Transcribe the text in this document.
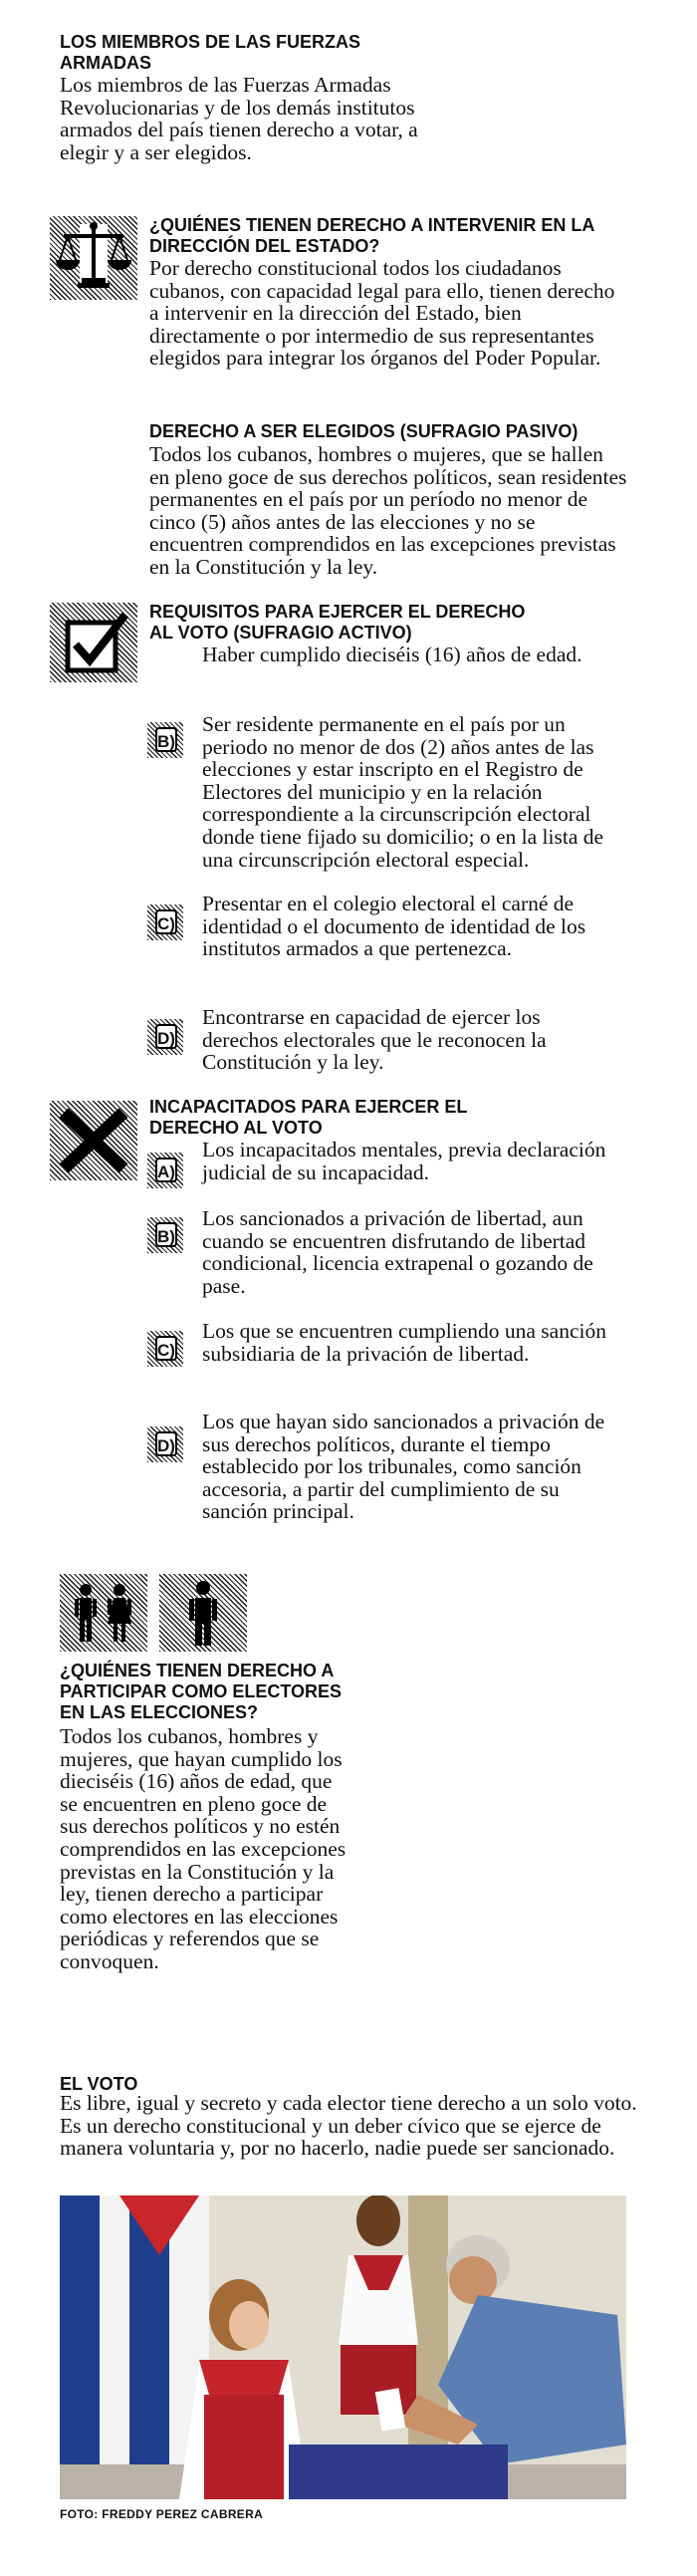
LOS MIEMBROS DE LAS FUERZAS ARMADAS
Los miembros de las Fuerzas Armadas Revolucionarias y de los demás institutos armados del país tienen derecho a votar, a elegir y a ser elegidos.
¿QUIÉNES TIENEN DERECHO A INTERVENIR EN LA DIRECCIÓN DEL ESTADO?
Por derecho constitucional todos los ciudadanos cubanos, con capacidad legal para ello, tienen derecho a intervenir en la dirección del Estado, bien directamente o por intermedio de sus representantes elegidos para integrar los órganos del Poder Popular.
DERECHO A SER ELEGIDOS (SUFRAGIO PASIVO)
Todos los cubanos, hombres o mujeres, que se hallen en pleno goce de sus derechos políticos, sean residentes permanentes en el país por un período no menor de cinco (5) años antes de las elecciones y no se encuentren comprendidos en las excepciones previstas en la Constitución y la ley.
REQUISITOS PARA EJERCER EL DERECHO AL VOTO (SUFRAGIO ACTIVO)
Haber cumplido dieciséis (16) años de edad.
B)
Ser residente permanente en el país por un periodo no menor de dos (2) años antes de las elecciones y estar inscripto en el Registro de Electores del municipio y en la relación correspondiente a la circunscripción electoral donde tiene fijado su domicilio; o en la lista de una circunscripción electoral especial.
C)
Presentar en el colegio electoral el carné de identidad o el documento de identidad de los institutos armados a que pertenezca.
D)
Encontrarse en capacidad de ejercer los derechos electorales que le reconocen la Constitución y la ley.
INCAPACITADOS PARA EJERCER EL DERECHO AL VOTO
A)
Los incapacitados mentales, previa declaración judicial de su incapacidad.
B)
Los sancionados a privación de libertad, aun cuando se encuentren disfrutando de libertad condicional, licencia extrapenal o gozando de pase.
C)
Los que se encuentren cumpliendo una sanción subsidiaria de la privación de libertad.
D)
Los que hayan sido sancionados a privación de sus derechos políticos, durante el tiempo establecido por los tribunales, como sanción accesoria, a partir del cumplimiento de su sanción principal.
¿QUIÉNES TIENEN DERECHO A PARTICIPAR COMO ELECTORES EN LAS ELECCIONES?
Todos los cubanos, hombres y mujeres, que hayan cumplido los dieciséis (16) años de edad, que se encuentren en pleno goce de sus derechos políticos y no estén comprendidos en las excepciones previstas en la Constitución y la ley, tienen derecho a participar como electores en las elecciones periódicas y referendos que se convoquen.
EL VOTO
Es libre, igual y secreto y cada elector tiene derecho a un solo voto. Es un derecho constitucional y un deber cívico que se ejerce de manera voluntaria y, por no hacerlo, nadie puede ser sancionado.
FOTO: FREDDY PEREZ CABRERA
